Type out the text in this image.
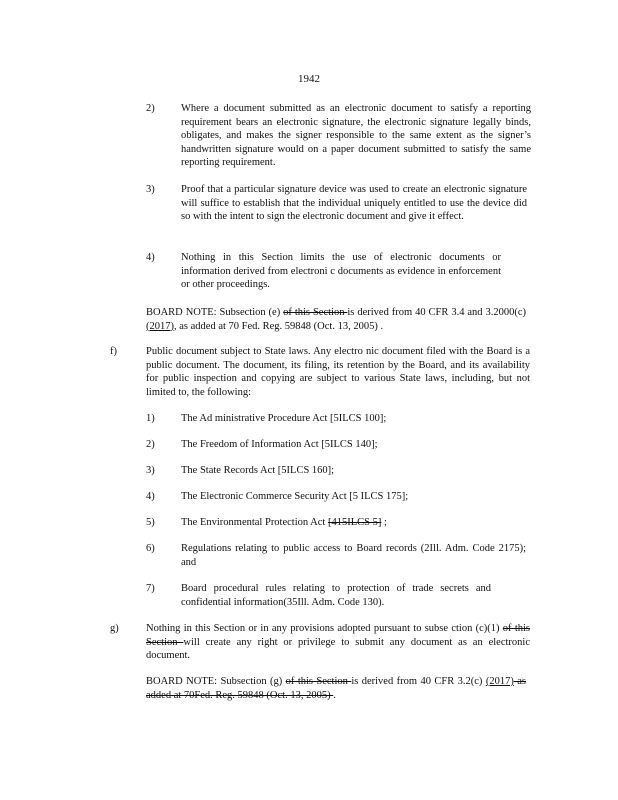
1942
2)	Where a document submitted as an electronic document to satisfy a reporting requirement bears an electronic signature, the electronic signature legally binds, obligates, and makes the signer responsible to the same extent as the signer’s handwritten signature would on a paper document submitted to satisfy the same reporting requirement.

3)	Proof that a particular signature device was used to create an electronic signature will suffice to establish that the individual uniquely entitled to use the device did so with the intent to sign the electronic document and give it effect.

4)	Nothing in this Section limits the use of electronic documents or information derived from electroni c documents as evidence in enforcement or other proceedings.

BOARD NOTE: Subsection (e) of this Section is derived from 40 CFR 3.4 and 3.2000(c) (2017), as added at 70 Fed. Reg. 59848 (Oct. 13, 2005) .

f)	Public document subject to State laws. Any electro nic document filed with the Board is a public document. The document, its filing, its retention by the Board, and its availability for public inspection and copying are subject to various State laws, including, but not limited to, the following:

1)	The Ad ministrative Procedure Act [5ILCS 100];

2)	The Freedom of Information Act [5ILCS 140];

3)	The State Records Act [5ILCS 160];

4)	The Electronic Commerce Security Act [5 ILCS 175];

5)	The Environmental Protection Act [415ILCS 5] ;

6)	Regulations relating to public access to Board records (2Ill. Adm. Code 2175); and

7)	Board procedural rules relating to protection of trade secrets and confidential information(35Ill. Adm. Code 130).

g)	Nothing in this Section or in any provisions adopted pursuant to subse ction (c)(1) of this Section will create any right or privilege to submit any document as an electronic document.

BOARD NOTE: Subsection (g) of this Section is derived from 40 CFR 3.2(c) (2017) as added at 70Fed. Reg. 59848 (Oct. 13, 2005) .
